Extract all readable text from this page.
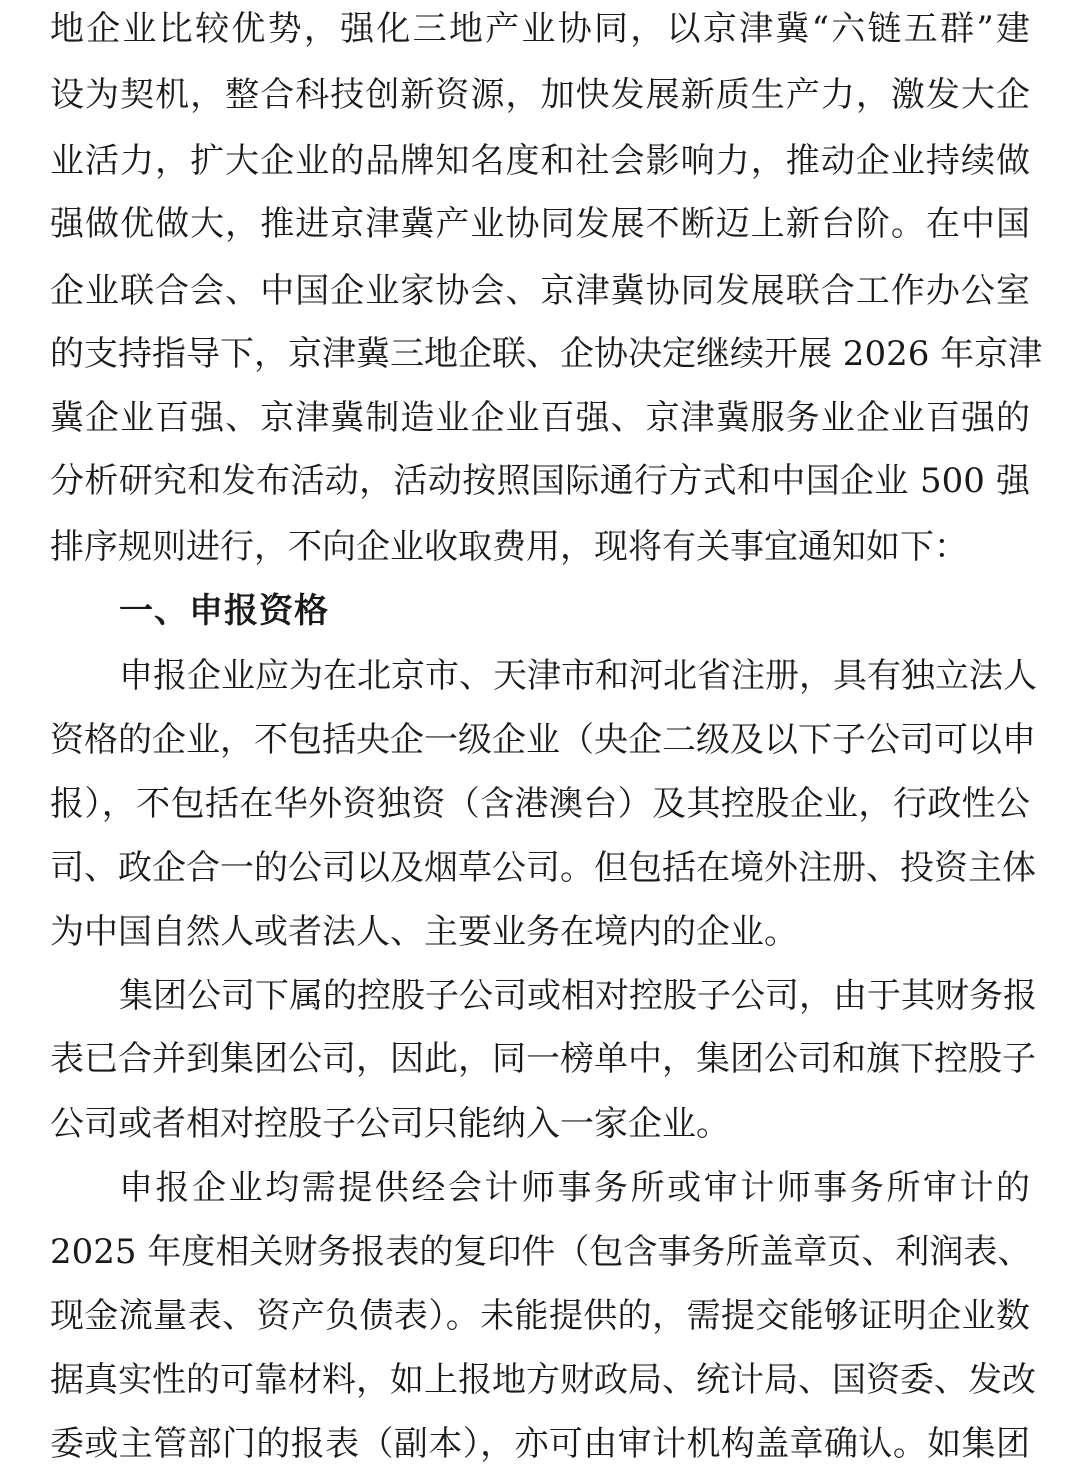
地企业比较优势，强化三地产业协同，以京津冀“六链五群”建
设为契机，整合科技创新资源，加快发展新质生产力，激发大企
业活力，扩大企业的品牌知名度和社会影响力，推动企业持续做
强做优做大，推进京津冀产业协同发展不断迈上新台阶。在中国
企业联合会、中国企业家协会、京津冀协同发展联合工作办公室
的支持指导下，京津冀三地企联、企协决定继续开展 2026 年京津
冀企业百强、京津冀制造业企业百强、京津冀服务业企业百强的
分析研究和发布活动，活动按照国际通行方式和中国企业 500 强
排序规则进行，不向企业收取费用，现将有关事宜通知如下：
一、申报资格
申报企业应为在北京市、天津市和河北省注册，具有独立法人
资格的企业，不包括央企一级企业（央企二级及以下子公司可以申
报），不包括在华外资独资（含港澳台）及其控股企业，行政性公
司、政企合一的公司以及烟草公司。但包括在境外注册、投资主体
为中国自然人或者法人、主要业务在境内的企业。
集团公司下属的控股子公司或相对控股子公司，由于其财务报
表已合并到集团公司，因此，同一榜单中，集团公司和旗下控股子
公司或者相对控股子公司只能纳入一家企业。
申报企业均需提供经会计师事务所或审计师事务所审计的
2025 年度相关财务报表的复印件（包含事务所盖章页、利润表、
现金流量表、资产负债表）。未能提供的，需提交能够证明企业数
据真实性的可靠材料，如上报地方财政局、统计局、国资委、发改
委或主管部门的报表（副本），亦可由审计机构盖章确认。如集团
